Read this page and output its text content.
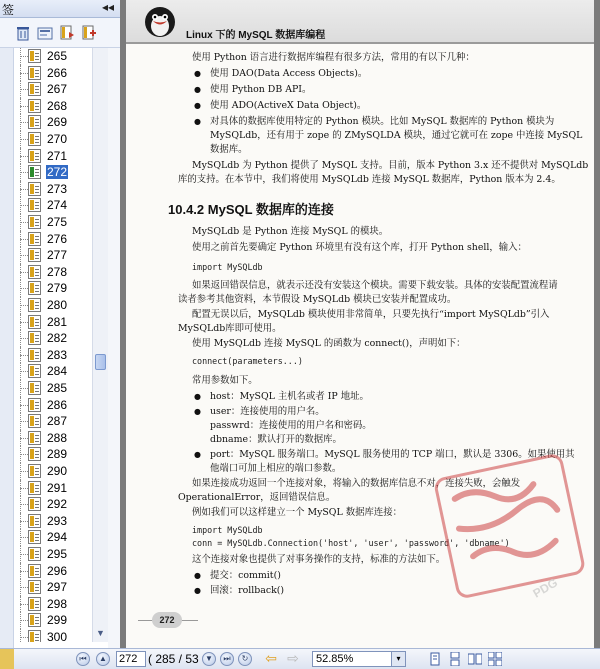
签	◂◂
265
266
267
268
269
270
271
272
273
274
275
276
277
278
279
280
281
282
283
284
285
286
287
288
289
290
291
292
293
294
295
296
297
298
299
300	▼
Linux 下的 MySQL 数据库编程
使用 Python 语言进行数据库编程有很多方法，常用的有以下几种：
● 使用 DAO(Data Access Objects)。
● 使用 Python DB API。
● 使用 ADO(ActiveX Data Object)。
● 对具体的数据库使用特定的 Python 模块。比如 MySQL 数据库的 Python 模块为
MySQLdb，还有用于 zope 的 ZMySQLDA 模块，通过它就可在 zope 中连接 MySQL
数据库。
MySQLdb 为 Python 提供了 MySQL 支持。目前，版本 Python 3.x 还不提供对 MySQLdb
库的支持。在本节中，我们将使用 MySQLdb 连接 MySQL 数据库，Python 版本为 2.4。
10.4.2 MySQL 数据库的连接
MySQLdb 是 Python 连接 MySQL 的模块。
使用之前首先要确定 Python 环境里有没有这个库，打开 Python shell，输入：
import MySQLdb
如果返回错误信息，就表示还没有安装这个模块。需要下载安装。具体的安装配置流程请
读者参考其他资料，本节假设 MySQLdb 模块已安装并配置成功。
配置无误以后，MySQLdb 模块使用非常简单，只要先执行“import MySQLdb”引入
MySQLdb库即可使用。
使用 MySQLdb 连接 MySQL 的函数为 connect()，声明如下：
connect(parameters...)
常用参数如下。
● host：MySQL 主机名或者 IP 地址。
● user：连接使用的用户名。
passwrd：连接使用的用户名和密码。
dbname：默认打开的数据库。
● port：MySQL 服务端口。MySQL 服务使用的 TCP 端口，默认是 3306。如果使用其
他端口可加上相应的端口参数。
如果连接成功返回一个连接对象，将输入的数据库信息不对，连接失败，会触发
OperationalError，返回错误信息。
例如我们可以这样建立一个 MySQL 数据库连接：
import MySQLdb
conn = MySQLdb.Connection('host', 'user', 'password', 'dbname')
这个连接对象也提供了对事务操作的支持，标准的方法如下。
● 提交：commit()
● 回滚：rollback()	PDG
272
⏮	▲ 272 ( 285 / 53 ▼	⏭	↻ ⇦ ⇨	52.85%	▾
